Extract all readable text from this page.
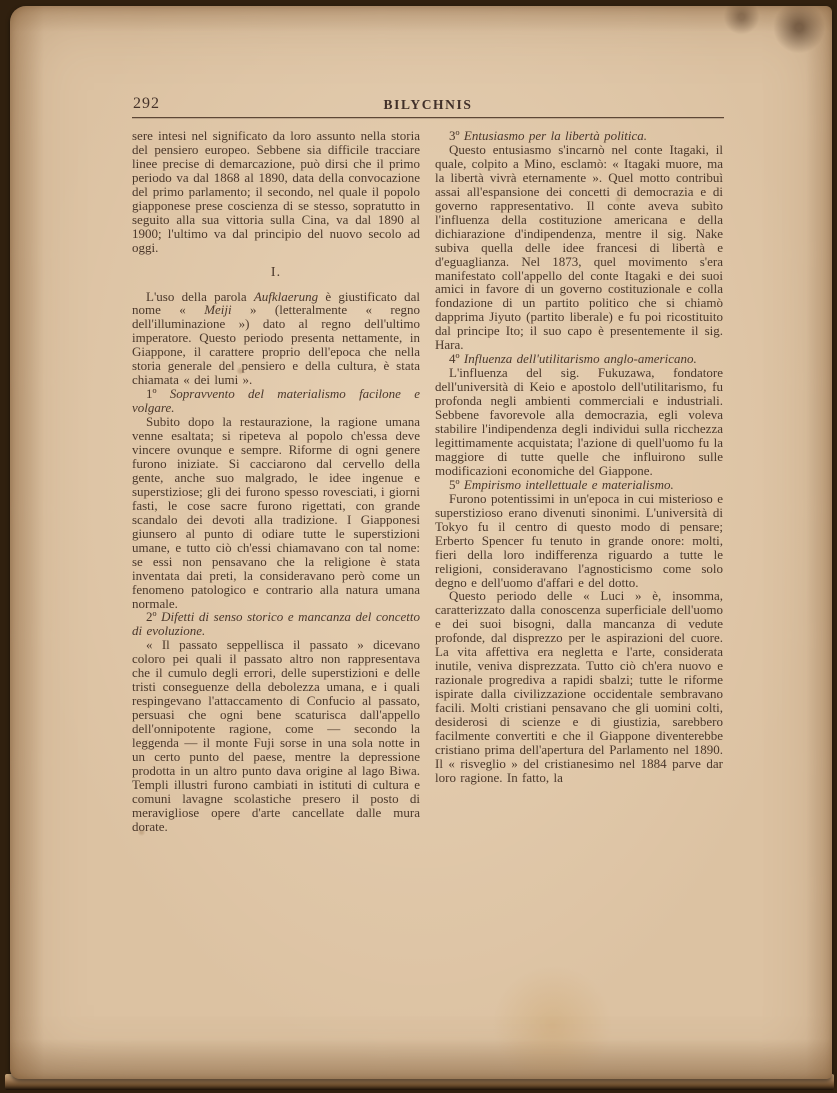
292	BILYCHNIS

sere intesi nel significato da loro assunto nella storia del pensiero europeo. Sebbene sia difficile tracciare linee precise di demarcazione, può dirsi che il primo periodo va dal 1868 al 1890, data della convocazione del primo parlamento; il secondo, nel quale il popolo giapponese prese coscienza di se stesso, sopratutto in seguito alla sua vittoria sulla Cina, va dal 1890 al 1900; l'ultimo va dal principio del nuovo secolo ad oggi.

I.

L'uso della parola Aufklaerung è giustificato dal nome « Meiji » (letteralmente « regno dell'illuminazione ») dato al regno dell'ultimo imperatore. Questo periodo presenta nettamente, in Giappone, il carattere proprio dell'epoca che nella storia generale del pensiero e della cultura, è stata chiamata « dei lumi ».

1º Sopravvento del materialismo facilone e volgare.

Subito dopo la restaurazione, la ragione umana venne esaltata; si ripeteva al popolo ch'essa deve vincere ovunque e sempre. Riforme di ogni genere furono iniziate. Si cacciarono dal cervello della gente, anche suo malgrado, le idee ingenue e superstiziose; gli dei furono spesso rovesciati, i giorni fasti, le cose sacre furono rigettati, con grande scandalo dei devoti alla tradizione. I Giapponesi giunsero al punto di odiare tutte le superstizioni umane, e tutto ciò ch'essi chiamavano con tal nome: se essi non pensavano che la religione è stata inventata dai preti, la consideravano però come un fenomeno patologico e contrario alla natura umana normale.

2º Difetti di senso storico e mancanza del concetto di evoluzione.

« Il passato seppellisca il passato » dicevano coloro pei quali il passato altro non rappresentava che il cumulo degli errori, delle superstizioni e delle tristi conseguenze della debolezza umana, e i quali respingevano l'attaccamento di Confucio al passato, persuasi che ogni bene scaturisca dall'appello dell'onnipotente ragione, come — secondo la leggenda — il monte Fuji sorse in una sola notte in un certo punto del paese, mentre la depressione prodotta in un altro punto dava origine al lago Biwa. Templi illustri furono cambiati in istituti di cultura e comuni lavagne scolastiche presero il posto di meravigliose opere d'arte cancellate dalle mura dorate.

3º Entusiasmo per la libertà politica.

Questo entusiasmo s'incarnò nel conte Itagaki, il quale, colpito a Mino, esclamò: « Itagaki muore, ma la libertà vivrà eternamente ». Quel motto contribuì assai all'espansione dei concetti di democrazia e di governo rappresentativo. Il conte aveva subìto l'influenza della costituzione americana e della dichiarazione d'indipendenza, mentre il sig. Nake subiva quella delle idee francesi di libertà e d'eguaglianza. Nel 1873, quel movimento s'era manifestato coll'appello del conte Itagaki e dei suoi amici in favore di un governo costituzionale e colla fondazione di un partito politico che si chiamò dapprima Jiyuto (partito liberale) e fu poi ricostituito dal principe Ito; il suo capo è presentemente il sig. Hara.

4º Influenza dell'utilitarismo anglo-americano.

L'influenza del sig. Fukuzawa, fondatore dell'università di Keio e apostolo dell'utilitarismo, fu profonda negli ambienti commerciali e industriali. Sebbene favorevole alla democrazia, egli voleva stabilire l'indipendenza degli individui sulla ricchezza legittimamente acquistata; l'azione di quell'uomo fu la maggiore di tutte quelle che influirono sulle modificazioni economiche del Giappone.

5º Empirismo intellettuale e materialismo.

Furono potentissimi in un'epoca in cui misterioso e superstizioso erano divenuti sinonimi. L'università di Tokyo fu il centro di questo modo di pensare; Erberto Spencer fu tenuto in grande onore: molti, fieri della loro indifferenza riguardo a tutte le religioni, consideravano l'agnosticismo come solo degno e dell'uomo d'affari e del dotto.

Questo periodo delle « Luci » è, insomma, caratterizzato dalla conoscenza superficiale dell'uomo e dei suoi bisogni, dalla mancanza di vedute profonde, dal disprezzo per le aspirazioni del cuore. La vita affettiva era negletta e l'arte, considerata inutile, veniva disprezzata. Tutto ciò ch'era nuovo e razionale progrediva a rapidi sbalzi; tutte le riforme ispirate dalla civilizzazione occidentale sembravano facili. Molti cristiani pensavano che gli uomini colti, desiderosi di scienze e di giustizia, sarebbero facilmente convertiti e che il Giappone diventerebbe cristiano prima dell'apertura del Parlamento nel 1890. Il « risveglio » del cristianesimo nel 1884 parve dar loro ragione. In fatto, la
